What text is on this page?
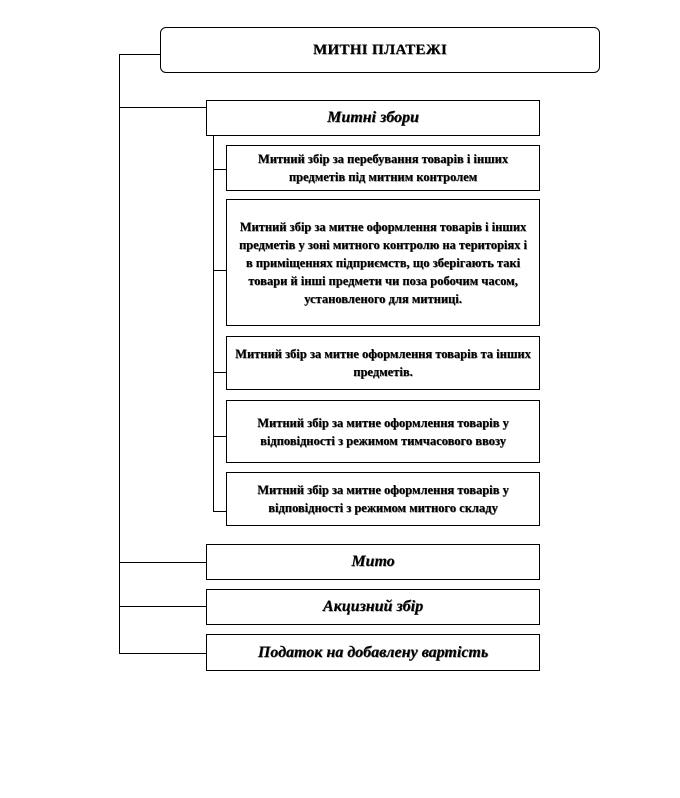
МИТНІ ПЛАТЕЖІ
Митні збори
Митний збір за перебування товарів і інших предметів під митним контролем
Митний збір за митне оформлення товарів і інших предметів у зоні митного контролю на територіях і в приміщеннях підприємств, що зберігають такі товари й інші предмети чи поза робочим часом, установленого для митниці.
Митний збір за митне оформлення товарів та інших предметів.
Митний збір за митне оформлення товарів у відповідності з режимом тимчасового ввозу
Митний збір за митне оформлення товарів у відповідності з режимом митного складу
Мито
Акцизний збір
Податок на добавлену вартість
